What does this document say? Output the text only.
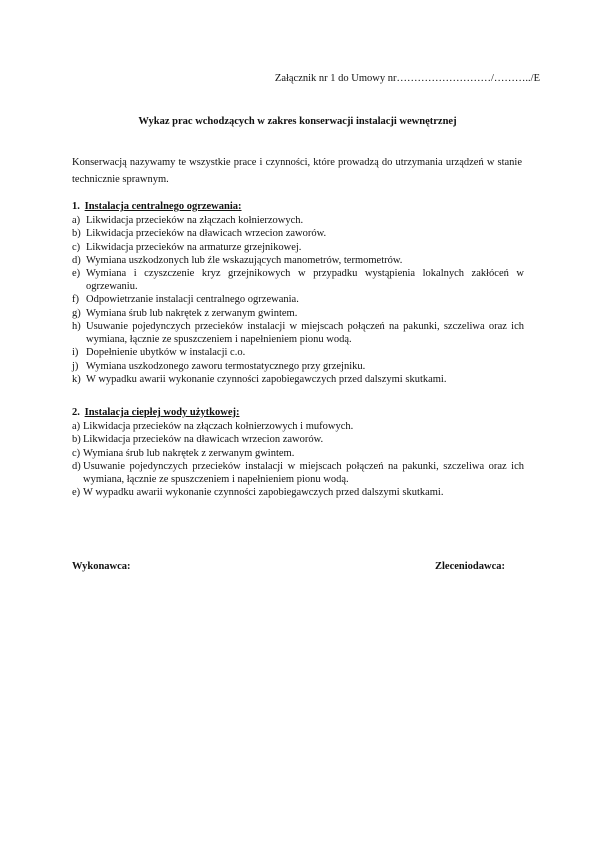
Załącznik nr 1 do Umowy nr………………………/………../E
Wykaz prac wchodzących w zakres konserwacji instalacji wewnętrznej
Konserwacją nazywamy te wszystkie prace i czynności, które prowadzą do utrzymania urządzeń w stanie technicznie sprawnym.
1. Instalacja centralnego ogrzewania:
a) Likwidacja przecieków na złączach kołnierzowych.
b) Likwidacja przecieków na dławicach wrzecion zaworów.
c) Likwidacja przecieków na armaturze grzejnikowej.
d) Wymiana uszkodzonych lub źle wskazujących manometrów, termometrów.
e) Wymiana i czyszczenie kryz grzejnikowych w przypadku wystąpienia lokalnych zakłóceń w ogrzewaniu.
f) Odpowietrzanie instalacji centralnego ogrzewania.
g) Wymiana śrub lub nakrętek z zerwanym gwintem.
h) Usuwanie pojedynczych przecieków instalacji w miejscach połączeń na pakunki, szczeliwa oraz ich wymiana, łącznie ze spuszczeniem i napełnieniem pionu wodą.
i) Dopełnienie ubytków w instalacji c.o.
j) Wymiana uszkodzonego zaworu termostatycznego przy grzejniku.
k) W wypadku awarii wykonanie czynności zapobiegawczych przed dalszymi skutkami.
2. Instalacja ciepłej wody użytkowej:
a) Likwidacja przecieków na złączach kołnierzowych i mufowych.
b) Likwidacja przecieków na dławicach wrzecion zaworów.
c) Wymiana śrub lub nakrętek z zerwanym gwintem.
d) Usuwanie pojedynczych przecieków instalacji w miejscach połączeń na pakunki, szczeliwa oraz ich wymiana, łącznie ze spuszczeniem i napełnieniem pionu wodą.
e) W wypadku awarii wykonanie czynności zapobiegawczych przed dalszymi skutkami.
Wykonawca:	Zleceniodawca:
